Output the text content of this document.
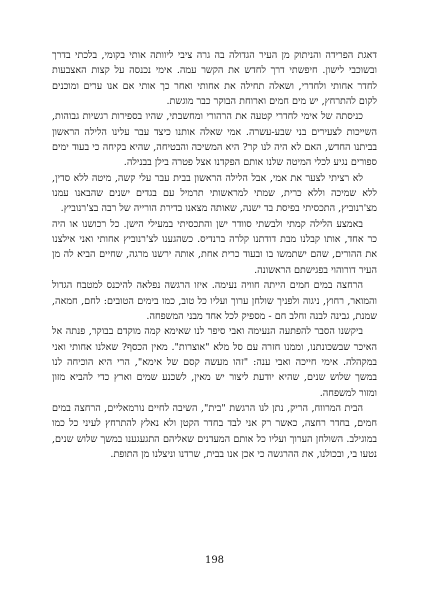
דאגת הפרידה והניתוק מן העיר הגדולה בה גרה ציבי ליוותה אותי בקומי, בלכתי בדרך ובשוכבי לישון. חיפשתי דרך לחדש את הקשר עמה. אימי נכנסה על קצות האצבעות לחדר אחותי ולחדרי, ושאלה תחילה את אחותי ואחר כך אותי אם אנו ערים ומוכנים לקום להתרחץ, יש מים חמים וארוחת הבוקר כבר מוגשת.

כניסתה של אימי לחדרי קטעה את הרהורי ומחשבתי, שהיו בספירות רגשיות גבוהות, השייכות לצעירים בני שבע-עשרה. אמי שאלה אותנו כיצד עבר עלינו הלילה הראשון בביתנו החדש, האם לא היה לנו קר? היא המשיכה והבטיחה, שהיא בקיחה כי בעוד ימים ספורים נגיע לכלי המיטה שלנו אותם הפקדנו אצל פטרה בילן בבנילה.

לא רציתי לצער את אמי, אבל הלילה הראשון בבית עבר עלי קשה, מיטה ללא סדין, ללא שמיכה וללא כרית, שמתי למראשותי תרמיל עם בגדים ישנים שהבאנו עמנו מצ'רנוביץ, התכסיתי בפיסת בד ישנה, שאותה מצאנו בדירת הורייה של רבה בצ'רנוביץ.

באמצע הלילה קמתי ולבשתי סוודר ישן והתכסיתי במעילי הישן. כל רכושנו או היה כר אחד, אותו קבלנו מבת דודתנו קלרה ברנדיס. כשהגענו לצ'רנוביץ אחותי ואני אילצנו את ההורים, שהם ישתמשו בו ובעוד כרית אחת, אותה ירשנו מרגה, שחיים הביא לה מן העיר דורוהוי בפגישתם הראשונה.

הרחצה במים חמים הייתה חוויה נעימה. איזו הרגשה נפלאה להיכנס למטבח הגדול והמואר, רחוץ, ניגוה ולפניך שולחן ערוך ועליו כל טוב, כמו בימים הטובים: לחם, חמאה, שמנת, גבינה לבנה וחלב חם - מספיק לכל אחד מבני המשפחה.

ביקשנו הסבר להפתעה הנעימה ואבי סיפר לנו שאימא קמה מוקדם בבוקר, פנתה אל האיכר שבשכונתנו, וממנו חזרה עם סל מלא "אוצרות". מאין הכסף? שאלנו אחותי ואני במקהלה. אימי חייכה ואבי ענה: "זהו מעשה קסם של אימא", הרי היא הוכיחה לנו במשך שלוש שנים, שהיא יודעת ליצור יש מאין, לשכנע שמים וארץ כדי להביא מזון ומזור למשפחה.

הבית המרווח, הריק, נתן לנו הרגשת "בית", השיבה לחיים נורמאליים, הרחצה במים חמים, בחדר רחצה, כאשר רק אני לבד בחדר הקטן ולא נאלץ להתרחץ לעיני כל כמו במוגילב. השולחן הערוך ועליו כל אותם המעדנים שאליהם התגעגענו במשך שלוש שנים, נטעו בי, ובכולנו, את ההרגשה כי אכן אנו בבית, שרדנו וניצלנו מן התופת.

198
